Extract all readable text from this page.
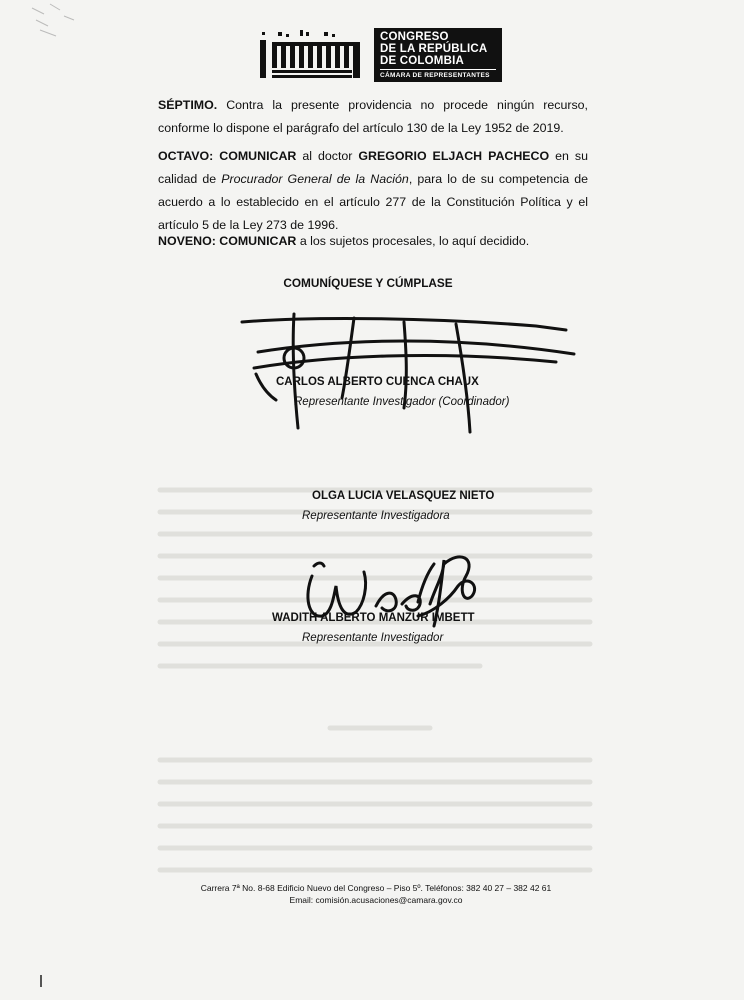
CONGRESO
DE LA REPÚBLICA
DE COLOMBIA
CÁMARA DE REPRESENTANTES
SÉPTIMO. Contra la presente providencia no procede ningún recurso, conforme lo dispone el parágrafo del artículo 130 de la Ley 1952 de 2019.
OCTAVO: COMUNICAR al doctor GREGORIO ELJACH PACHECO en su calidad de Procurador General de la Nación, para lo de su competencia de acuerdo a lo establecido en el artículo 277 de la Constitución Política y el artículo 5 de la Ley 273 de 1996.
NOVENO: COMUNICAR a los sujetos procesales, lo aquí decidido.
COMUNÍQUESE Y CÚMPLASE
CARLOS ALBERTO CUENCA CHAUX
Representante Investigador (Coordinador)
OLGA LUCIA VELASQUEZ NIETO
Representante Investigadora
WADITH ALBERTO MANZUR IMBETT
Representante Investigador
Carrera 7ª No. 8-68 Edificio Nuevo del Congreso – Piso 5º. Teléfonos: 382 40 27 – 382 42 61
Email: comisión.acusaciones@camara.gov.co
